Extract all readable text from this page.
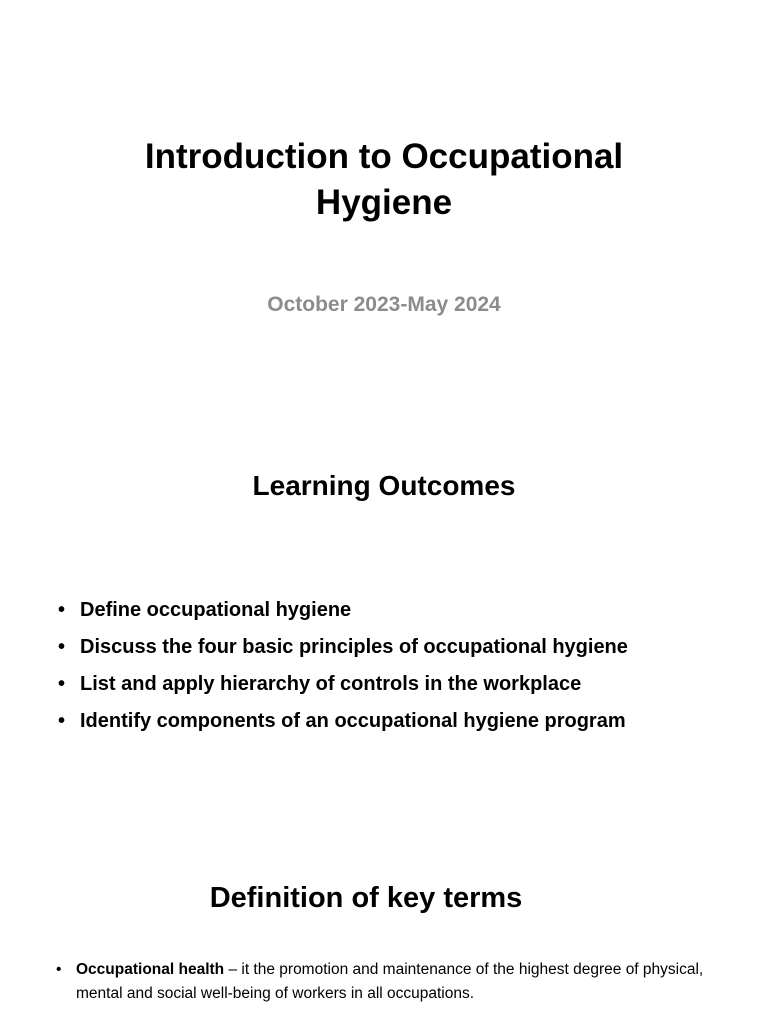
Introduction to Occupational
Hygiene

October 2023-May 2024

Learning Outcomes
• Define occupational hygiene
• Discuss the four basic principles of occupational hygiene
• List and apply hierarchy of controls in the workplace
• Identify components of an occupational hygiene program
Definition of key terms
• Occupational health – it the promotion and maintenance of the highest degree of physical, mental and social well-being of workers in all occupations.
